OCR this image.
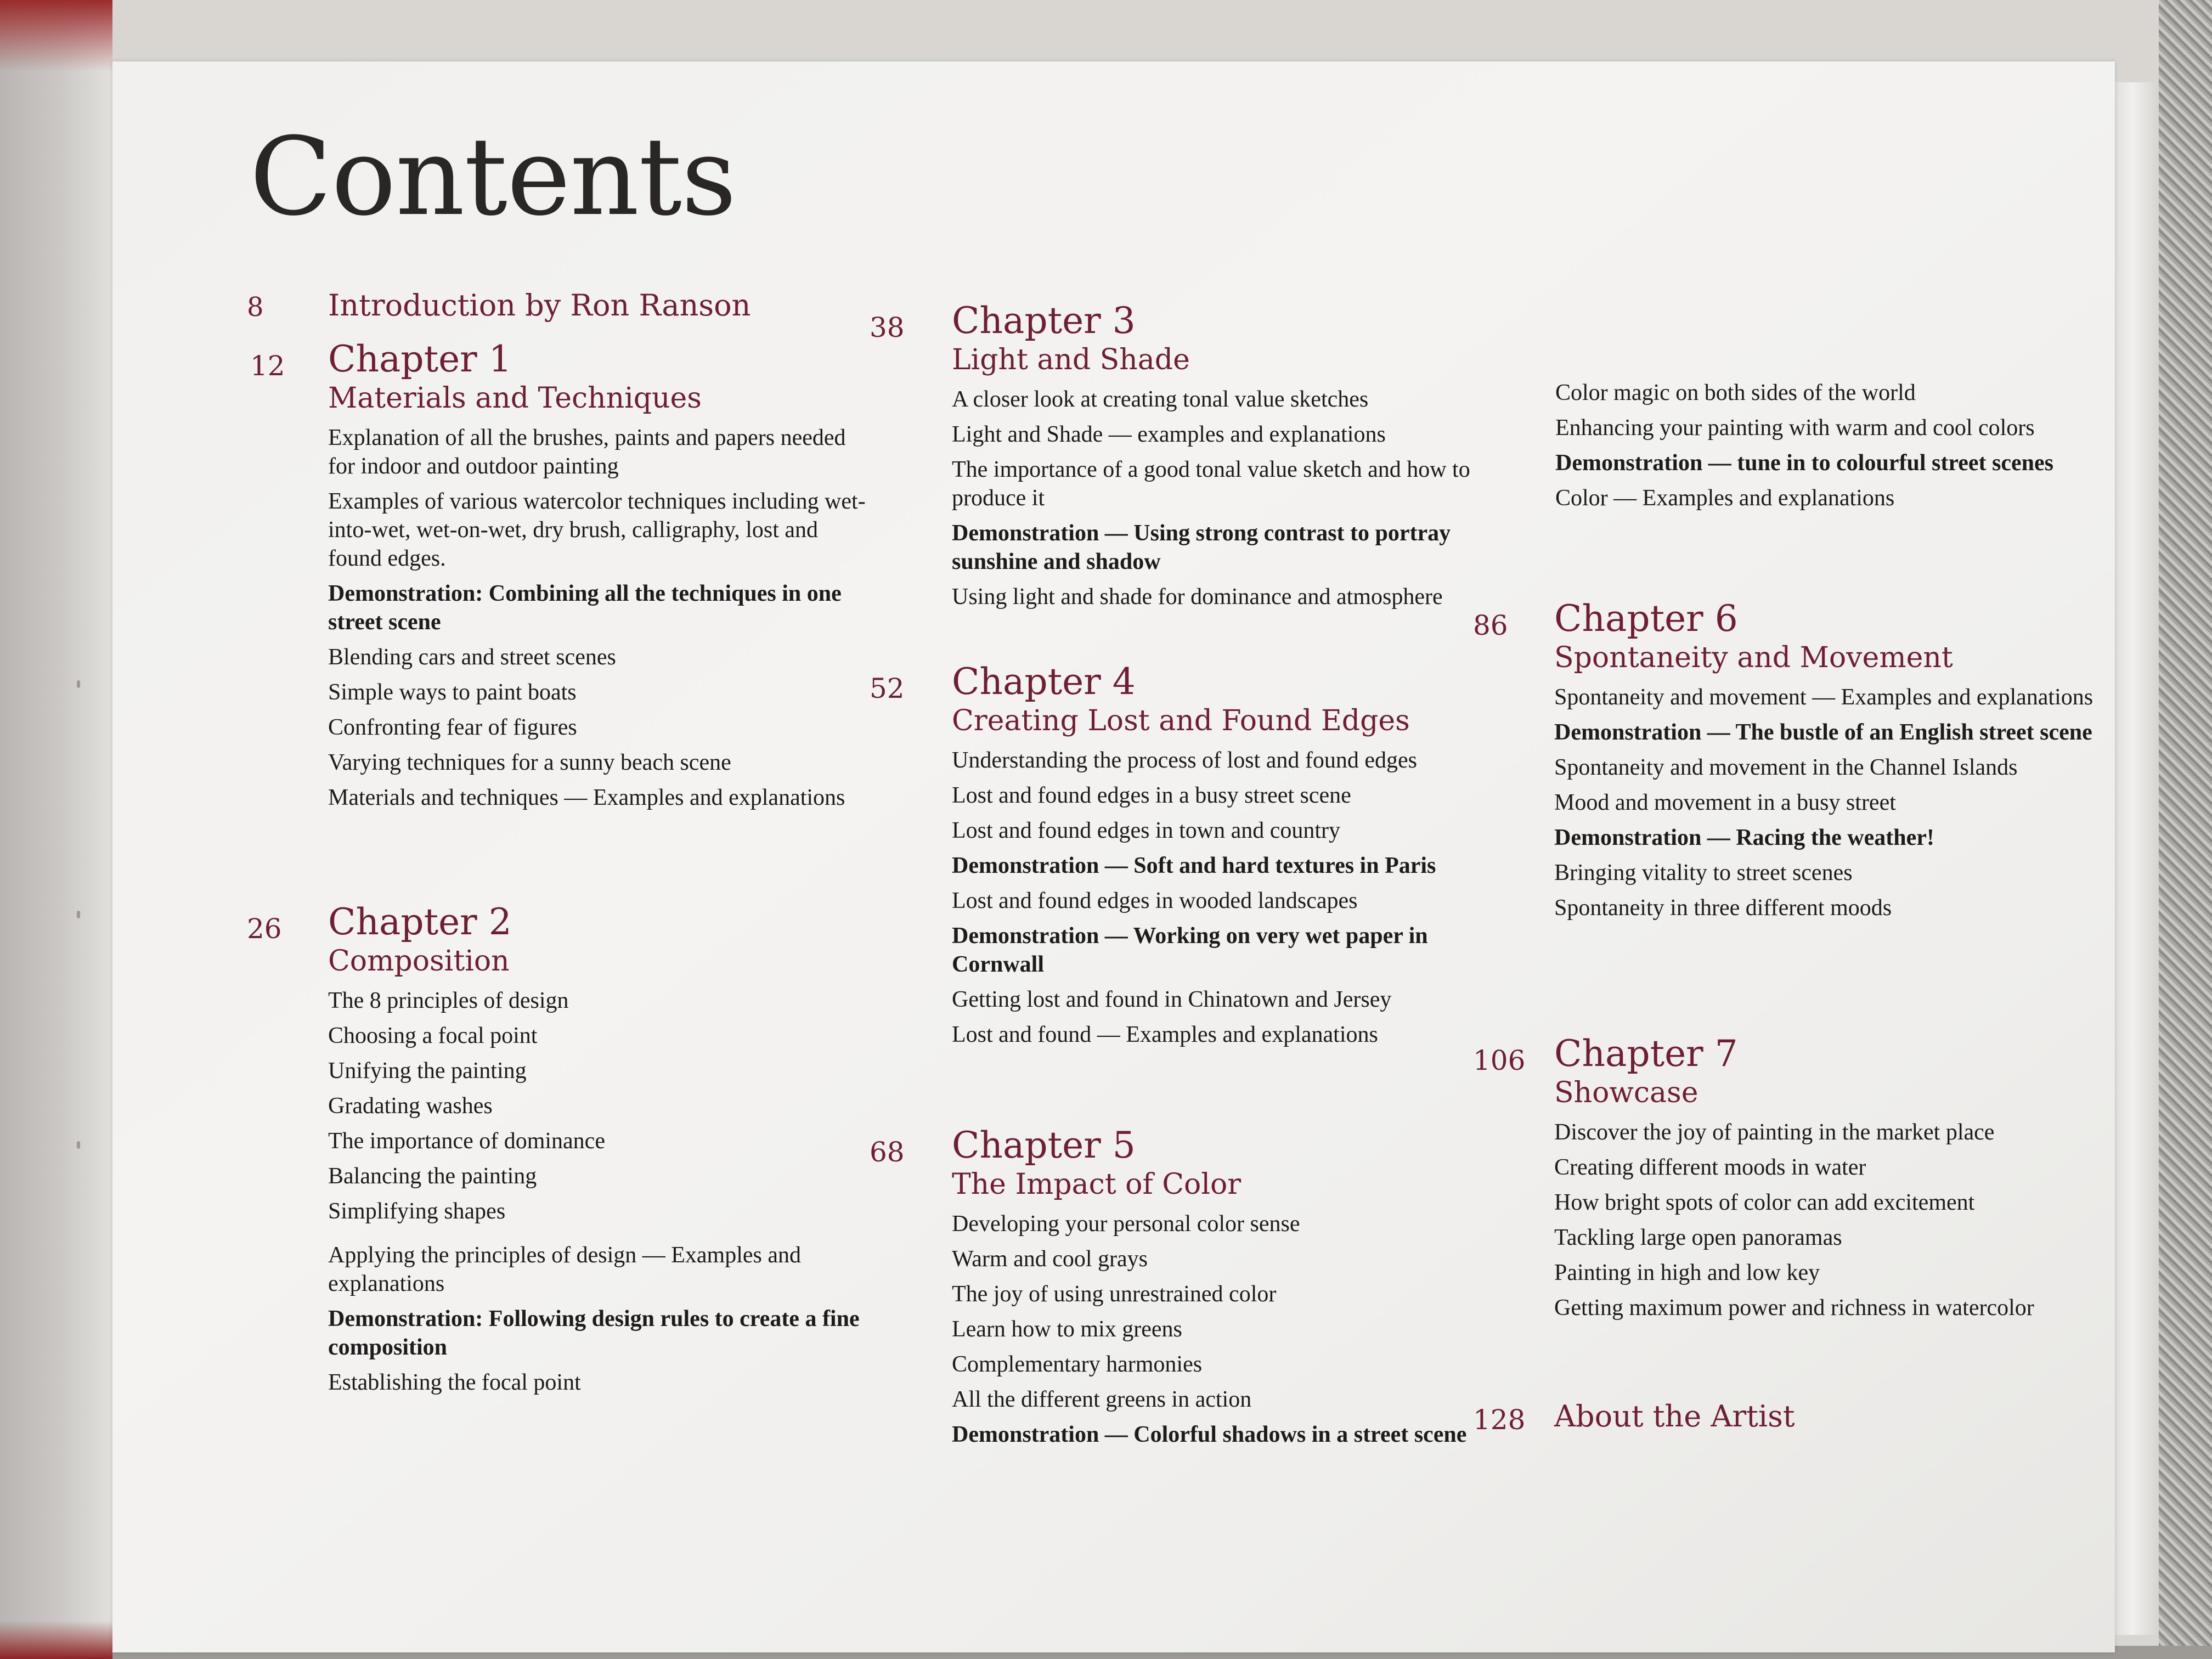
Contents
8 Introduction by Ron Ranson
12 Chapter 1
Materials and Techniques
Explanation of all the brushes, paints and papers needed for indoor and outdoor painting
Examples of various watercolor techniques including wet-into-wet, wet-on-wet, dry brush, calligraphy, lost and found edges.
Demonstration: Combining all the techniques in one street scene
Blending cars and street scenes
Simple ways to paint boats
Confronting fear of figures
Varying techniques for a sunny beach scene
Materials and techniques — Examples and explanations
26 Chapter 2
Composition
The 8 principles of design
Choosing a focal point
Unifying the painting
Gradating washes
The importance of dominance
Balancing the painting
Simplifying shapes
Applying the principles of design — Examples and explanations
Demonstration: Following design rules to create a fine composition
Establishing the focal point
38 Chapter 3
Light and Shade
A closer look at creating tonal value sketches
Light and Shade — examples and explanations
The importance of a good tonal value sketch and how to produce it
Demonstration — Using strong contrast to portray sunshine and shadow
Using light and shade for dominance and atmosphere
52 Chapter 4
Creating Lost and Found Edges
Understanding the process of lost and found edges
Lost and found edges in a busy street scene
Lost and found edges in town and country
Demonstration — Soft and hard textures in Paris
Lost and found edges in wooded landscapes
Demonstration — Working on very wet paper in Cornwall
Getting lost and found in Chinatown and Jersey
Lost and found — Examples and explanations
68 Chapter 5
The Impact of Color
Developing your personal color sense
Warm and cool grays
The joy of using unrestrained color
Learn how to mix greens
Complementary harmonies
All the different greens in action
Demonstration — Colorful shadows in a street scene
Color magic on both sides of the world
Enhancing your painting with warm and cool colors
Demonstration — tune in to colourful street scenes
Color — Examples and explanations
86 Chapter 6
Spontaneity and Movement
Spontaneity and movement — Examples and explanations
Demonstration — The bustle of an English street scene
Spontaneity and movement in the Channel Islands
Mood and movement in a busy street
Demonstration — Racing the weather!
Bringing vitality to street scenes
Spontaneity in three different moods
106 Chapter 7
Showcase
Discover the joy of painting in the market place
Creating different moods in water
How bright spots of color can add excitement
Tackling large open panoramas
Painting in high and low key
Getting maximum power and richness in watercolor
128 About the Artist
